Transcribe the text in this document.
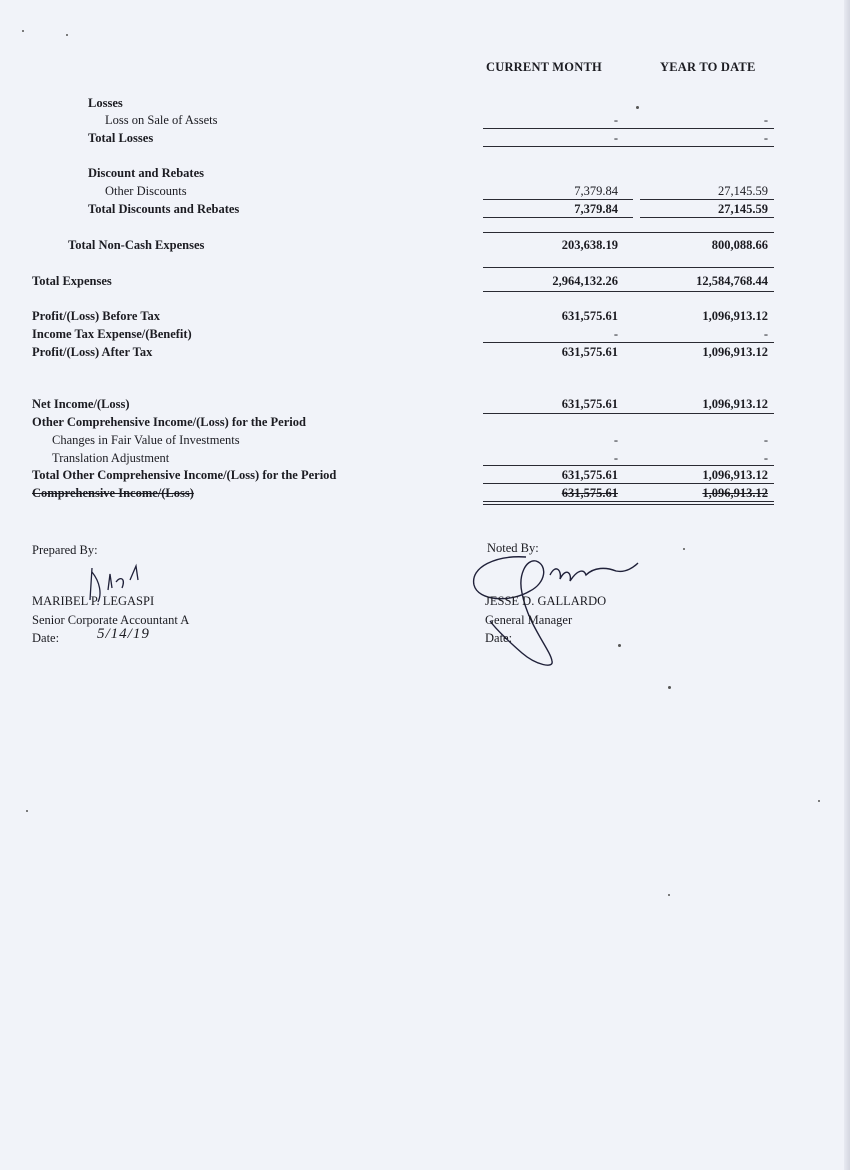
CURRENT MONTH	YEAR TO DATE
Losses
Loss on Sale of Assets	-	-
Total Losses	-	-
Discount and Rebates
Other Discounts	7,379.84	27,145.59
Total Discounts and Rebates	7,379.84	27,145.59
Total Non-Cash Expenses	203,638.19	800,088.66
Total Expenses	2,964,132.26	12,584,768.44
Profit/(Loss) Before Tax	631,575.61	1,096,913.12
Income Tax Expense/(Benefit)	-	-
Profit/(Loss) After Tax	631,575.61	1,096,913.12
Net Income/(Loss)	631,575.61	1,096,913.12
Other Comprehensive Income/(Loss) for the Period
Changes in Fair Value of Investments	-	-
Translation Adjustment	-	-
Total Other Comprehensive Income/(Loss) for the Period	631,575.61	1,096,913.12
Comprehensive Income/(Loss)	631,575.61	1,096,913.12
Prepared By:
MARIBEL P. LEGASPI
Senior Corporate Accountant A
Date:	5/14/19
Noted By:
JESSE D. GALLARDO
General Manager
Date:
